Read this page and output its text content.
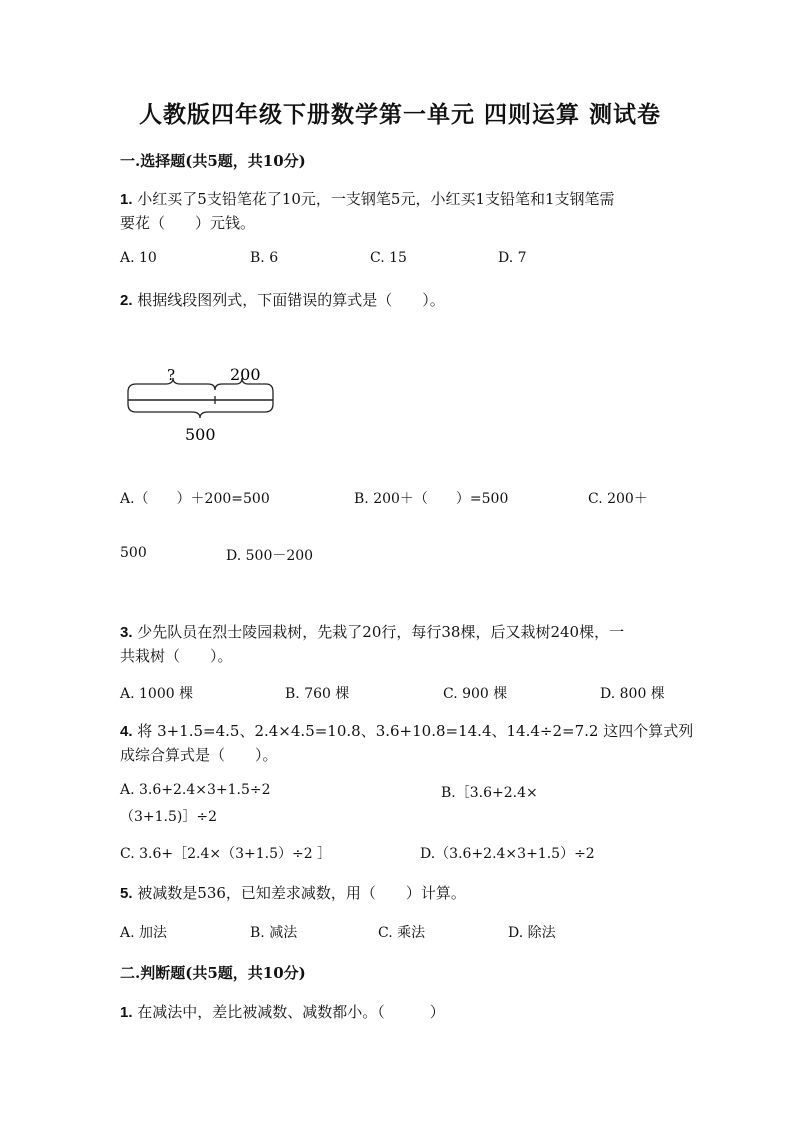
人教版四年级下册数学第一单元 四则运算 测试卷
一.选择题(共5题，共10分)
1. 小红买了5支铅笔花了10元，一支钢笔5元，小红买1支铅笔和1支钢笔需
要花（　　）元钱。
A. 10	B. 6	C. 15	D. 7
2. 根据线段图列式，下面错误的算式是（　　）。
?	200
500
A.（　　）＋200=500	B. 200＋（　　）=500	C. 200＋
500	D. 500－200
3. 少先队员在烈士陵园栽树，先栽了20行，每行38棵，后又栽树240棵，一
共栽树（　　）。
A. 1000 棵	B. 760 棵	C. 900 棵	D. 800 棵
4. 将 3+1.5=4.5、2.4×4.5=10.8、3.6+10.8=14.4、14.4÷2=7.2 这四个算式列
成综合算式是（　　）。
A. 3.6+2.4×3+1.5÷2	B.［3.6+2.4×
（3+1.5)］÷2
C. 3.6+［2.4×（3+1.5）÷2 ］	D.（3.6+2.4×3+1.5）÷2
5. 被减数是536，已知差求减数，用（　　）计算。
A. 加法	B. 减法	C. 乘法	D. 除法
二.判断题(共5题，共10分)
1. 在减法中，差比被减数、减数都小。（　　　）
